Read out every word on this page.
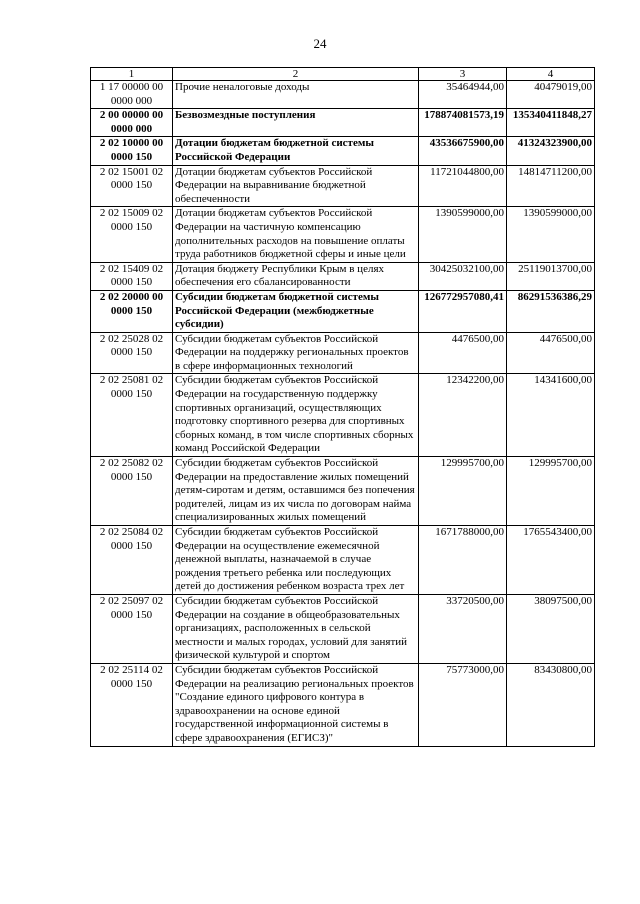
24
1	2	3	4
1 17 00000 00 0000 000	Прочие неналоговые доходы	35464944,00	40479019,00
2 00 00000 00 0000 000	Безвозмездные поступления	178874081573,19	135340411848,27
2 02 10000 00 0000 150	Дотации бюджетам бюджетной системы Российской Федерации	43536675900,00	41324323900,00
2 02 15001 02 0000 150	Дотации бюджетам субъектов Российской Федерации на выравнивание бюджетной обеспеченности	11721044800,00	14814711200,00
2 02 15009 02 0000 150	Дотации бюджетам субъектов Российской Федерации на частичную компенсацию дополнительных расходов на повышение оплаты труда работников бюджетной сферы и иные цели	1390599000,00	1390599000,00
2 02 15409 02 0000 150	Дотация бюджету Республики Крым в целях обеспечения его сбалансированности	30425032100,00	25119013700,00
2 02 20000 00 0000 150	Субсидии бюджетам бюджетной системы Российской Федерации (межбюджетные субсидии)	126772957080,41	86291536386,29
2 02 25028 02 0000 150	Субсидии бюджетам субъектов Российской Федерации на поддержку региональных проектов в сфере информационных технологий	4476500,00	4476500,00
2 02 25081 02 0000 150	Субсидии бюджетам субъектов Российской Федерации на государственную поддержку спортивных организаций, осуществляющих подготовку спортивного резерва для спортивных сборных команд, в том числе спортивных сборных команд Российской Федерации	12342200,00	14341600,00
2 02 25082 02 0000 150	Субсидии бюджетам субъектов Российской Федерации на предоставление жилых помещений детям-сиротам и детям, оставшимся без попечения родителей, лицам из их числа по договорам найма специализированных жилых помещений	129995700,00	129995700,00
2 02 25084 02 0000 150	Субсидии бюджетам субъектов Российской Федерации на осуществление ежемесячной денежной выплаты, назначаемой в случае рождения третьего ребенка или последующих детей до достижения ребенком возраста трех лет	1671788000,00	1765543400,00
2 02 25097 02 0000 150	Субсидии бюджетам субъектов Российской Федерации на создание в общеобразовательных организациях, расположенных в сельской местности и малых городах, условий для занятий физической культурой и спортом	33720500,00	38097500,00
2 02 25114 02 0000 150	Субсидии бюджетам субъектов Российской Федерации на реализацию региональных проектов "Создание единого цифрового контура в здравоохранении на основе единой государственной информационной системы в сфере здравоохранения (ЕГИСЗ)"	75773000,00	83430800,00
